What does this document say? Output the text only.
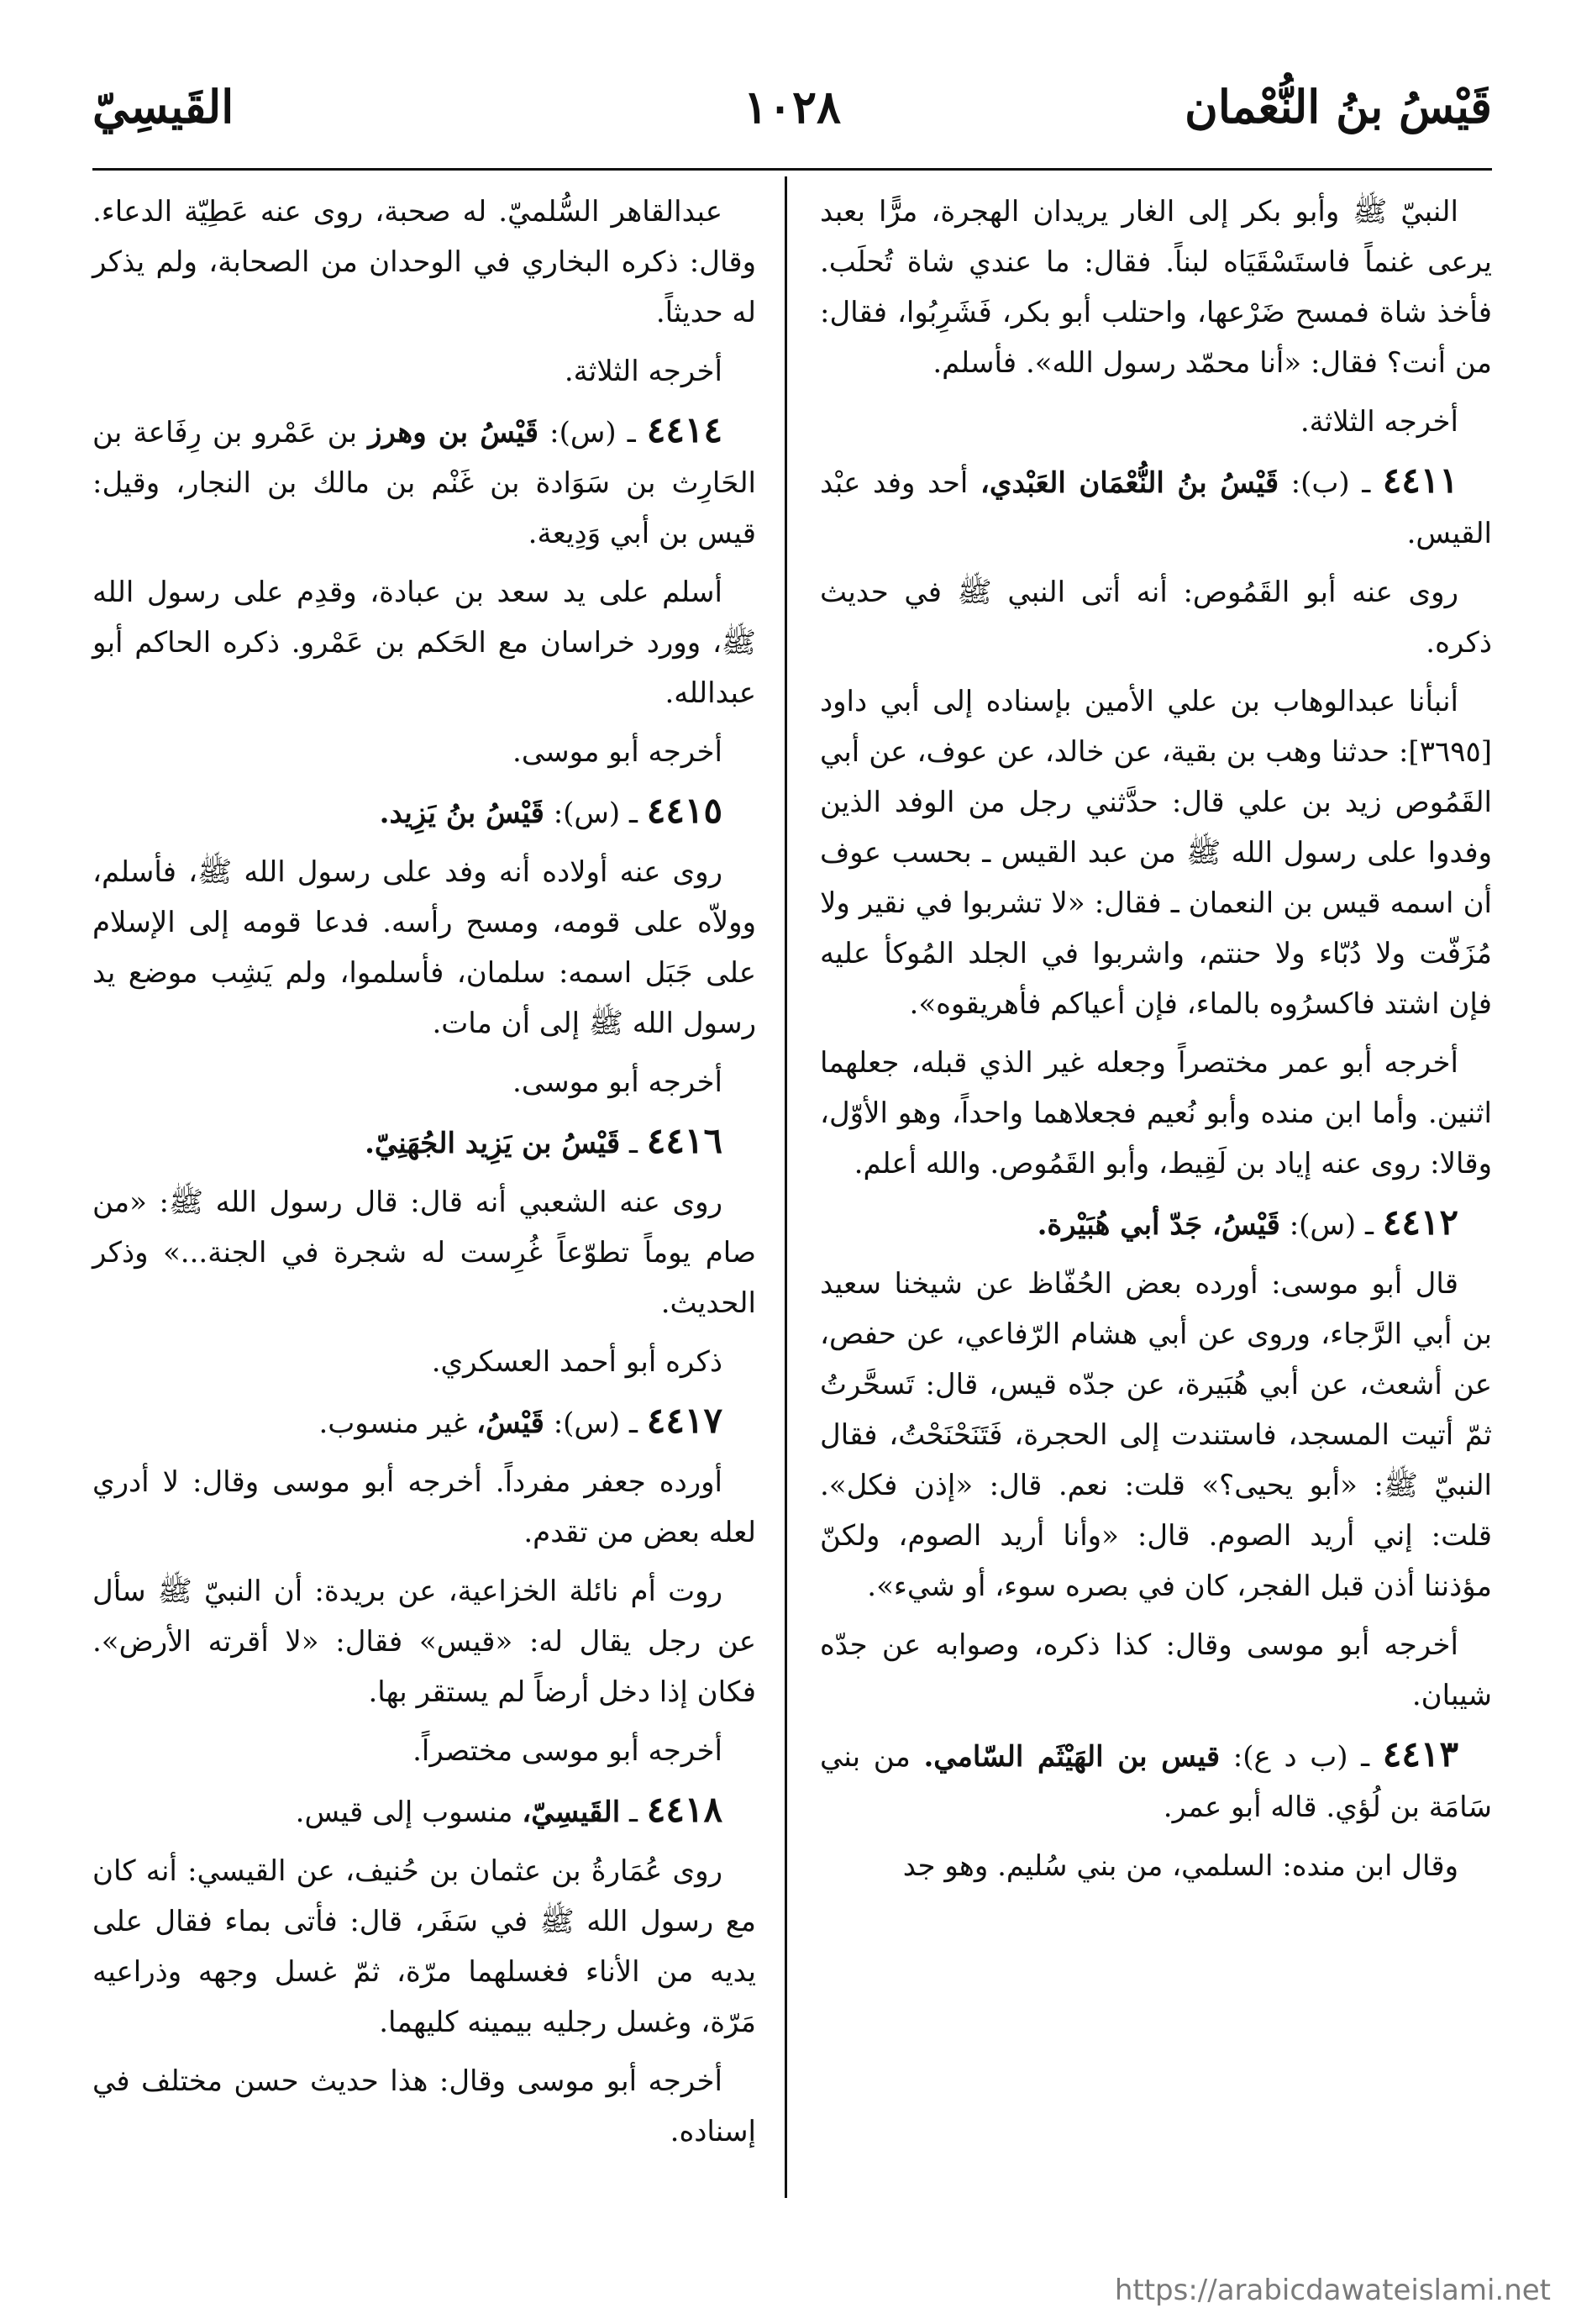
قَيْسُ بنُ النُّعْمان
١٠٢٨
القَيسِيّ

النبيّ ﷺ وأبو بكر إلى الغار يريدان الهجرة، مرًّا بعبد يرعى غنماً فاستَسْقَيَاه لبناً. فقال: ما عندي شاة تُحلَب. فأخذ شاة فمسح ضَرْعها، واحتلب أبو بكر، فَشَرِبُوا، فقال: من أنت؟ فقال: «أنا محمّد رسول الله». فأسلم.

أخرجه الثلاثة.

٤٤١١ ـ (ب): قَيْسُ بنُ النُّعْمَان العَبْدي، أحد وفد عبْد القيس.

روى عنه أبو القَمُوص: أنه أتى النبي ﷺ في حديث ذكره.

أنبأنا عبدالوهاب بن علي الأمين بإسناده إلى أبي داود [٣٦٩٥]: حدثنا وهب بن بقية، عن خالد، عن عوف، عن أبي القَمُوص زيد بن علي قال: حدَّثني رجل من الوفد الذين وفدوا على رسول الله ﷺ من عبد القيس ـ بحسب عوف أن اسمه قيس بن النعمان ـ فقال: «لا تشربوا في نقير ولا مُزَفّت ولا دُبّاء ولا حنتم، واشربوا في الجلد المُوكأ عليه فإن اشتد فاكسرُوه بالماء، فإن أعياكم فأهريقوه».

أخرجه أبو عمر مختصراً وجعله غير الذي قبله، جعلهما اثنين. وأما ابن منده وأبو نُعيم فجعلاهما واحداً، وهو الأوّل، وقالا: روى عنه إياد بن لَقِيط، وأبو القَمُوص. والله أعلم.

٤٤١٢ ـ (س): قَيْسُ، جَدّ أبي هُبَيْرة.

قال أبو موسى: أورده بعض الحُفّاظ عن شيخنا سعيد بن أبي الرَّجاء، وروى عن أبي هشام الرّفاعي، عن حفص، عن أشعث، عن أبي هُبَيرة، عن جدّه قيس، قال: تَسحَّرتُ ثمّ أتيت المسجد، فاستندت إلى الحجرة، فَتَنَحْنَحْتُ، فقال النبيّ ﷺ: «أبو يحيى؟» قلت: نعم. قال: «إذن فكل». قلت: إني أريد الصوم. قال: «وأنا أريد الصوم، ولكنّ مؤذننا أذن قبل الفجر، كان في بصره سوء، أو شيء».

أخرجه أبو موسى وقال: كذا ذكره، وصوابه عن جدّه شيبان.

٤٤١٣ ـ (ب د ع): قيس بن الهَيْثَم السّامي. من بني سَامَة بن لُؤي. قاله أبو عمر.

وقال ابن منده: السلمي، من بني سُليم. وهو جد

عبدالقاهر السُّلميّ. له صحبة، روى عنه عَطِيّة الدعاء. وقال: ذكره البخاري في الوحدان من الصحابة، ولم يذكر له حديثاً.

أخرجه الثلاثة.

٤٤١٤ ـ (س): قَيْسُ بن وهرز بن عَمْرو بن رِفَاعة بن الحَارِث بن سَوَادة بن غَنْم بن مالك بن النجار، وقيل: قيس بن أبي وَدِيعة.

أسلم على يد سعد بن عبادة، وقدِم على رسول الله ﷺ، وورد خراسان مع الحَكم بن عَمْرو. ذكره الحاكم أبو عبدالله.

أخرجه أبو موسى.

٤٤١٥ ـ (س): قَيْسُ بنُ يَزِيد.

روى عنه أولاده أنه وفد على رسول الله ﷺ، فأسلم، وولاّه على قومه، ومسح رأسه. فدعا قومه إلى الإسلام على جَبَل اسمه: سلمان، فأسلموا، ولم يَشِب موضع يد رسول الله ﷺ إلى أن مات.

أخرجه أبو موسى.

٤٤١٦ ـ قَيْسُ بن يَزِيد الجُهَنِيّ.

روى عنه الشعبي أنه قال: قال رسول الله ﷺ: «من صام يوماً تطوّعاً غُرِست له شجرة في الجنة...» وذكر الحديث.

ذكره أبو أحمد العسكري.

٤٤١٧ ـ (س): قَيْسُ، غير منسوب.

أورده جعفر مفرداً. أخرجه أبو موسى وقال: لا أدري لعله بعض من تقدم.

روت أم نائلة الخزاعية، عن بريدة: أن النبيّ ﷺ سأل عن رجل يقال له: «قيس» فقال: «لا أقرته الأرض». فكان إذا دخل أرضاً لم يستقر بها.

أخرجه أبو موسى مختصراً.

٤٤١٨ ـ القَيسِيّ، منسوب إلى قيس.

روى عُمَارةُ بن عثمان بن حُنيف، عن القيسي: أنه كان مع رسول الله ﷺ في سَفَر، قال: فأتى بماء فقال على يديه من الأناء فغسلهما مرّة، ثمّ غسل وجهه وذراعيه مَرّة، وغسل رجليه بيمينه كليهما.

أخرجه أبو موسى وقال: هذا حديث حسن مختلف في إسناده.

https://arabicdawateislami.net
